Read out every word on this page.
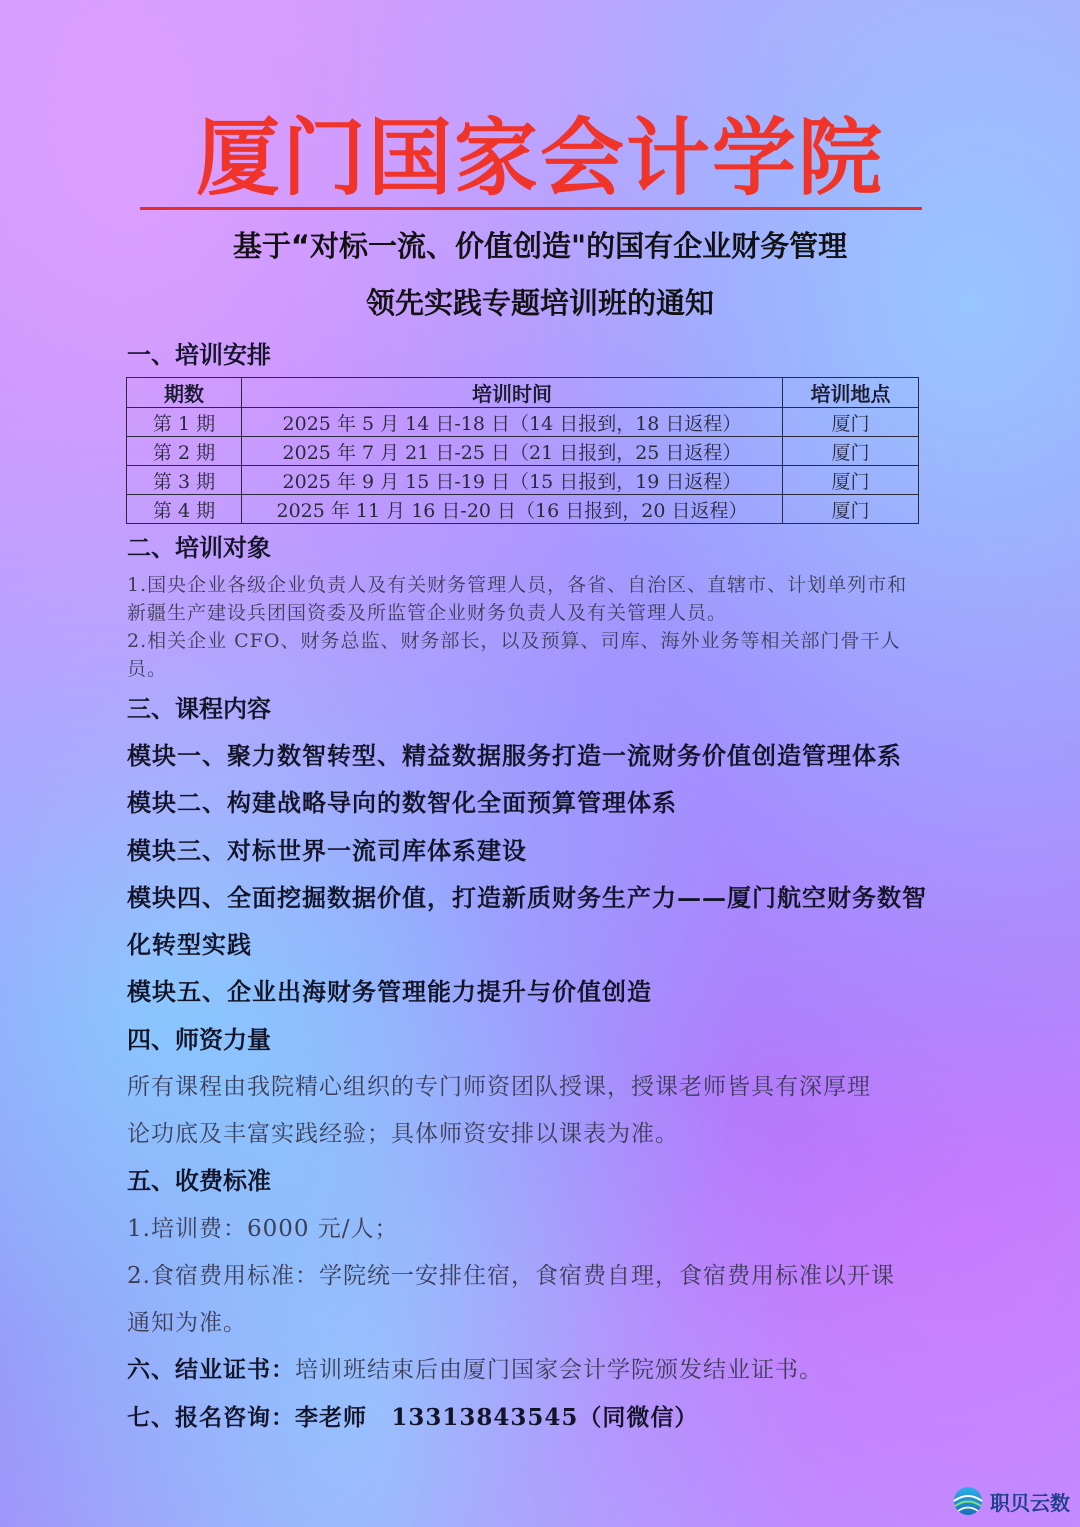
厦门国家会计学院
基于“对标一流、价值创造"的国有企业财务管理
领先实践专题培训班的通知
一、培训安排
期数	培训时间	培训地点
第 1 期	2025 年 5 月 14 日-18 日（14 日报到，18 日返程）	厦门
第 2 期	2025 年 7 月 21 日-25 日（21 日报到，25 日返程）	厦门
第 3 期	2025 年 9 月 15 日-19 日（15 日报到，19 日返程）	厦门
第 4 期	2025 年 11 月 16 日-20 日（16 日报到，20 日返程）	厦门
二、培训对象
1.国央企业各级企业负责人及有关财务管理人员，各省、自治区、直辖市、计划单列市和新疆生产建设兵团国资委及所监管企业财务负责人及有关管理人员。
2.相关企业 CFO、财务总监、财务部长，以及预算、司库、海外业务等相关部门骨干人员。
三、课程内容
模块一、聚力数智转型、精益数据服务打造一流财务价值创造管理体系
模块二、构建战略导向的数智化全面预算管理体系
模块三、对标世界一流司库体系建设
模块四、全面挖掘数据价值，打造新质财务生产力——厦门航空财务数智
化转型实践
模块五、企业出海财务管理能力提升与价值创造
四、师资力量
所有课程由我院精心组织的专门师资团队授课，授课老师皆具有深厚理
论功底及丰富实践经验；具体师资安排以课表为准。
五、收费标准
1.培训费：6000 元/人；
2.食宿费用标准：学院统一安排住宿，食宿费自理，食宿费用标准以开课
通知为准。
六、结业证书：培训班结束后由厦门国家会计学院颁发结业证书。
七、报名咨询：李老师 13313843545（同微信）
职贝云数
